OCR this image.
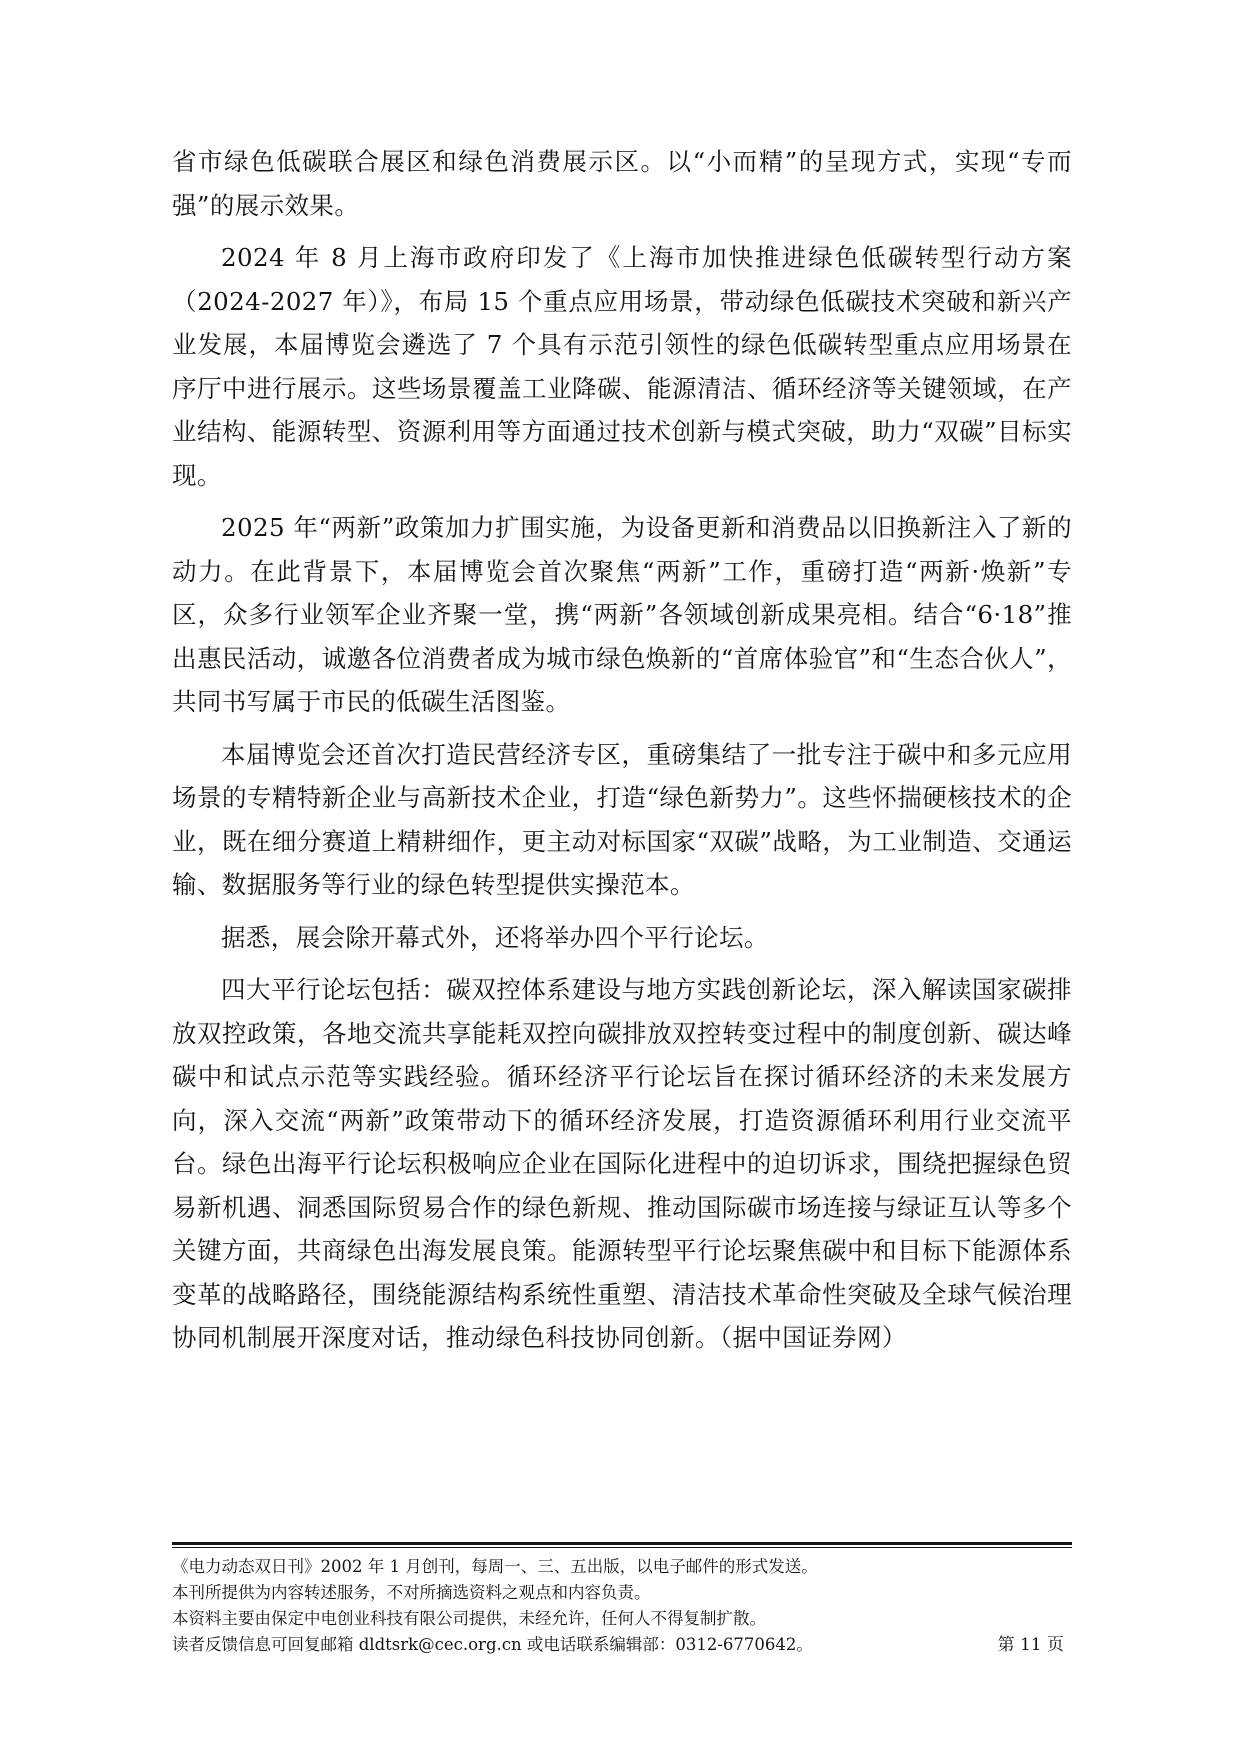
省市绿色低碳联合展区和绿色消费展示区。以“小而精”的呈现方式，实现“专而强”的展示效果。

2024 年 8 月上海市政府印发了《上海市加快推进绿色低碳转型行动方案（2024-2027 年）》，布局 15 个重点应用场景，带动绿色低碳技术突破和新兴产业发展，本届博览会遴选了 7 个具有示范引领性的绿色低碳转型重点应用场景在序厅中进行展示。这些场景覆盖工业降碳、能源清洁、循环经济等关键领域，在产业结构、能源转型、资源利用等方面通过技术创新与模式突破，助力“双碳”目标实现。

2025 年“两新”政策加力扩围实施，为设备更新和消费品以旧换新注入了新的动力。在此背景下，本届博览会首次聚焦“两新”工作，重磅打造“两新·焕新”专区，众多行业领军企业齐聚一堂，携“两新”各领域创新成果亮相。结合“6·18”推出惠民活动，诚邀各位消费者成为城市绿色焕新的“首席体验官”和“生态合伙人”，共同书写属于市民的低碳生活图鉴。

本届博览会还首次打造民营经济专区，重磅集结了一批专注于碳中和多元应用场景的专精特新企业与高新技术企业，打造“绿色新势力”。这些怀揣硬核技术的企业，既在细分赛道上精耕细作，更主动对标国家“双碳”战略，为工业制造、交通运输、数据服务等行业的绿色转型提供实操范本。

据悉，展会除开幕式外，还将举办四个平行论坛。

四大平行论坛包括：碳双控体系建设与地方实践创新论坛，深入解读国家碳排放双控政策，各地交流共享能耗双控向碳排放双控转变过程中的制度创新、碳达峰碳中和试点示范等实践经验。循环经济平行论坛旨在探讨循环经济的未来发展方向，深入交流“两新”政策带动下的循环经济发展，打造资源循环利用行业交流平台。绿色出海平行论坛积极响应企业在国际化进程中的迫切诉求，围绕把握绿色贸易新机遇、洞悉国际贸易合作的绿色新规、推动国际碳市场连接与绿证互认等多个关键方面，共商绿色出海发展良策。能源转型平行论坛聚焦碳中和目标下能源体系变革的战略路径，围绕能源结构系统性重塑、清洁技术革命性突破及全球气候治理协同机制展开深度对话，推动绿色科技协同创新。（据中国证券网）

《电力动态双日刊》2002 年 1 月创刊，每周一、三、五出版，以电子邮件的形式发送。
本刊所提供为内容转述服务，不对所摘选资料之观点和内容负责。
本资料主要由保定中电创业科技有限公司提供，未经允许，任何人不得复制扩散。
读者反馈信息可回复邮箱 dldtsrk@cec.org.cn 或电话联系编辑部：0312-6770642。	第 11 页
